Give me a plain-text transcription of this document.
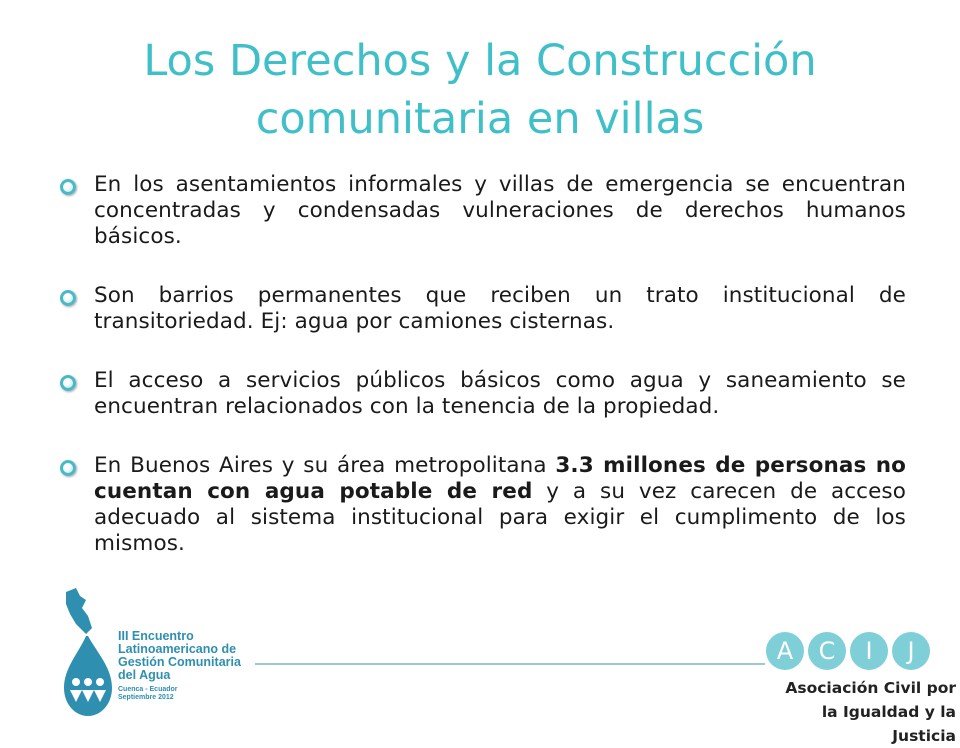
Los Derechos y la Construcción
comunitaria en villas
En los asentamientos informales y villas de emergencia se encuentran concentradas y condensadas vulneraciones de derechos humanos básicos.
Son barrios permanentes que reciben un trato institucional de transitoriedad. Ej: agua por camiones cisternas.
El acceso a servicios públicos básicos como agua y saneamiento se encuentran relacionados con la tenencia de la propiedad.
En Buenos Aires y su área metropolitana 3.3 millones de personas no cuentan con agua potable de red y a su vez carecen de acceso adecuado al sistema institucional para exigir el cumplimento de los mismos.
III Encuentro
Latinoamericano de
Gestión Comunitaria
del Agua
Cuenca - Ecuador
Septiembre 2012
A	C	I	J
Asociación Civil por
la Igualdad y la Justicia
